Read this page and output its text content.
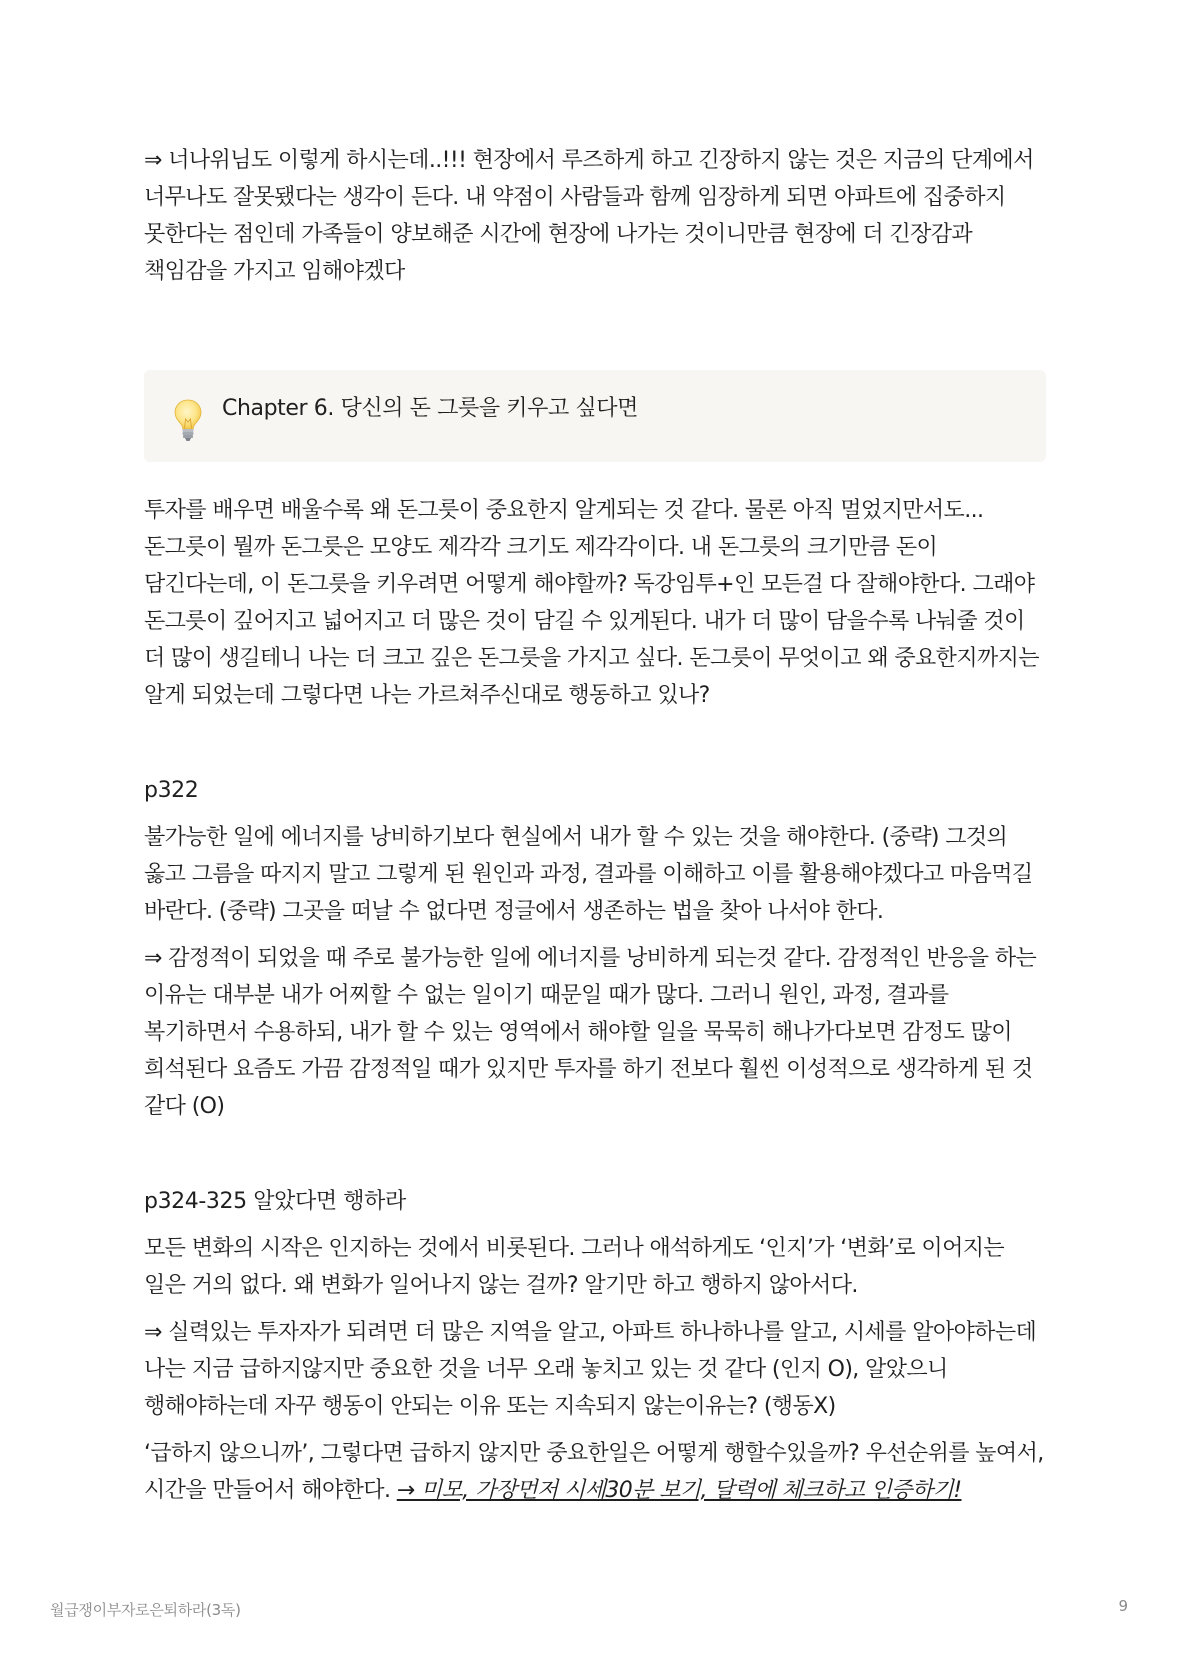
⇒ 너나위님도 이렇게 하시는데..!!! 현장에서 루즈하게 하고 긴장하지 않는 것은 지금의 단계에서 너무나도 잘못됐다는 생각이 든다. 내 약점이 사람들과 함께 임장하게 되면 아파트에 집중하지 못한다는 점인데 가족들이 양보해준 시간에 현장에 나가는 것이니만큼 현장에 더 긴장감과 책임감을 가지고 임해야겠다

Chapter 6. 당신의 돈 그릇을 키우고 싶다면

투자를 배우면 배울수록 왜 돈그릇이 중요한지 알게되는 것 같다. 물론 아직 멀었지만서도... 돈그릇이 뭘까 돈그릇은 모양도 제각각 크기도 제각각이다. 내 돈그릇의 크기만큼 돈이 담긴다는데, 이 돈그릇을 키우려면 어떻게 해야할까? 독강임투+인 모든걸 다 잘해야한다. 그래야 돈그릇이 깊어지고 넓어지고 더 많은 것이 담길 수 있게된다. 내가 더 많이 담을수록 나눠줄 것이 더 많이 생길테니 나는 더 크고 깊은 돈그릇을 가지고 싶다. 돈그릇이 무엇이고 왜 중요한지까지는 알게 되었는데 그렇다면 나는 가르쳐주신대로 행동하고 있나?

p322

불가능한 일에 에너지를 낭비하기보다 현실에서 내가 할 수 있는 것을 해야한다. (중략) 그것의 옳고 그름을 따지지 말고 그렇게 된 원인과 과정, 결과를 이해하고 이를 활용해야겠다고 마음먹길 바란다. (중략) 그곳을 떠날 수 없다면 정글에서 생존하는 법을 찾아 나서야 한다.

⇒ 감정적이 되었을 때 주로 불가능한 일에 에너지를 낭비하게 되는것 같다. 감정적인 반응을 하는 이유는 대부분 내가 어찌할 수 없는 일이기 때문일 때가 많다. 그러니 원인, 과정, 결과를 복기하면서 수용하되, 내가 할 수 있는 영역에서 해야할 일을 묵묵히 해나가다보면 감정도 많이 희석된다 요즘도 가끔 감정적일 때가 있지만 투자를 하기 전보다 훨씬 이성적으로 생각하게 된 것 같다 (O)

p324-325 알았다면 행하라

모든 변화의 시작은 인지하는 것에서 비롯된다. 그러나 애석하게도 ‘인지’가 ‘변화’로 이어지는 일은 거의 없다. 왜 변화가 일어나지 않는 걸까? 알기만 하고 행하지 않아서다.

⇒ 실력있는 투자자가 되려면 더 많은 지역을 알고, 아파트 하나하나를 알고, 시세를 알아야하는데 나는 지금 급하지않지만 중요한 것을 너무 오래 놓치고 있는 것 같다 (인지 O), 알았으니 행해야하는데 자꾸 행동이 안되는 이유 또는 지속되지 않는이유는? (행동X)

‘급하지 않으니까’, 그렇다면 급하지 않지만 중요한일은 어떻게 행할수있을까? 우선순위를 높여서, 시간을 만들어서 해야한다. → 미모, 가장먼저 시세30분 보기, 달력에 체크하고 인증하기!

월급쟁이부자로은퇴하라(3독)	9
